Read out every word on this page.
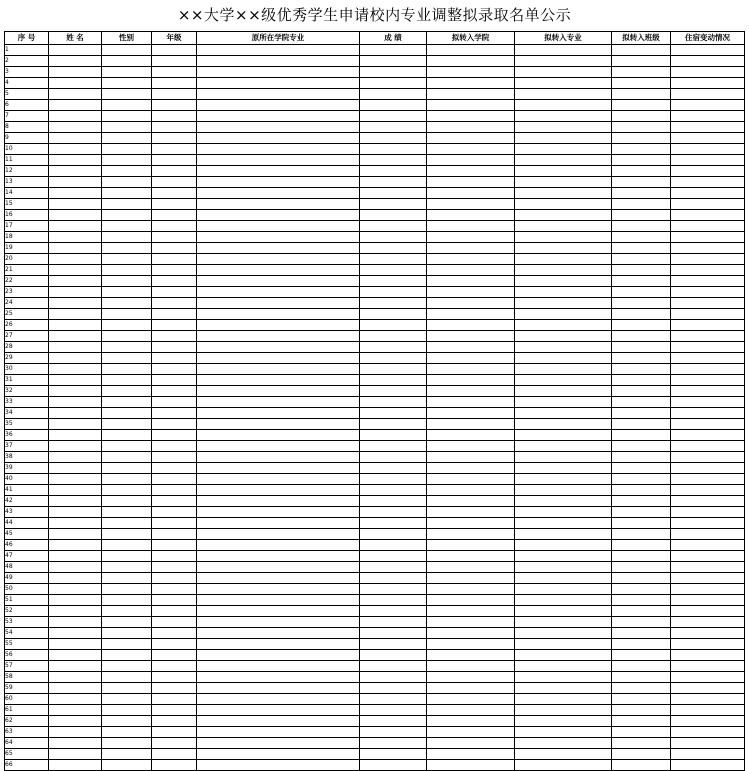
××大学××级优秀学生申请校内专业调整拟录取名单公示
序 号	姓 名	性别	年级	原所在学院专业	成 绩	拟转入学院	拟转入专业	拟转入班级	住宿变动情况
1									
2									
3									
4									
5									
6									
7									
8									
9									
10									
11									
12									
13									
14									
15									
16									
17									
18									
19									
20									
21									
22									
23									
24									
25									
26									
27									
28									
29									
30									
31									
32									
33									
34									
35									
36									
37									
38									
39									
40									
41									
42									
43									
44									
45									
46									
47									
48									
49									
50									
51									
52									
53									
54									
55									
56									
57									
58									
59									
60									
61									
62									
63									
64									
65									
66									
